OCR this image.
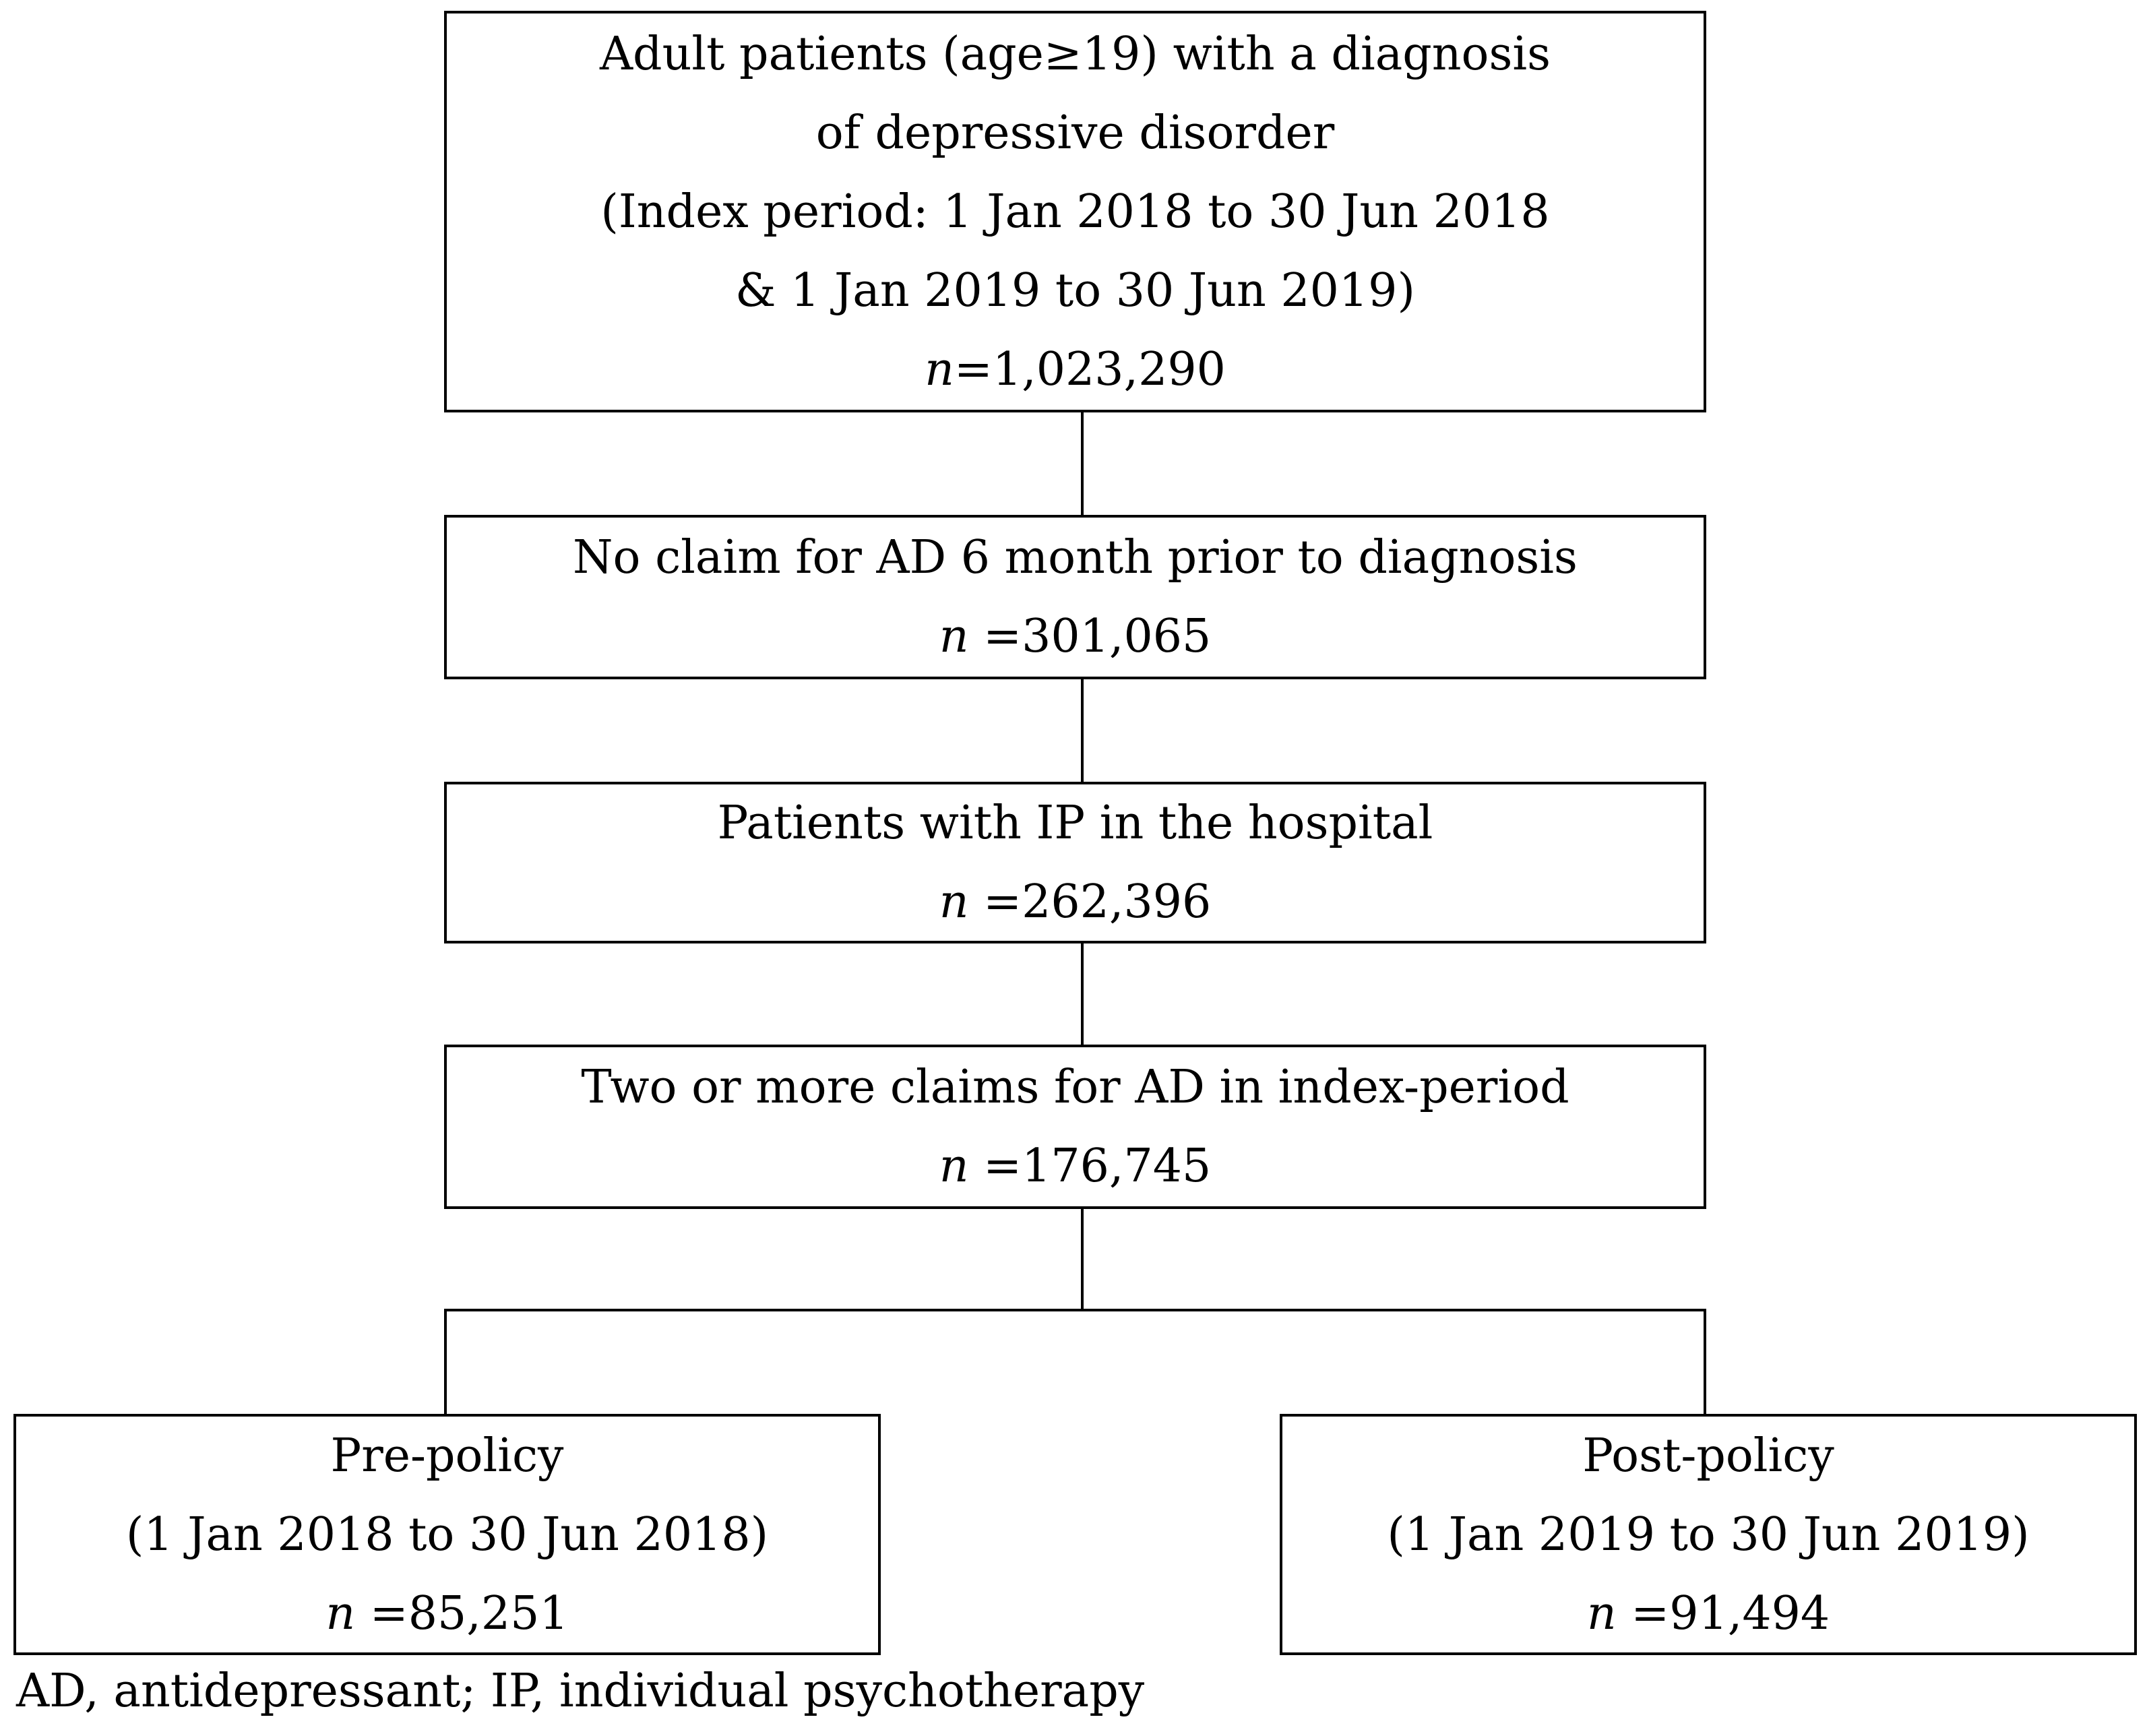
Adult patients (age≥19) with a diagnosis
of depressive disorder
(Index period: 1 Jan 2018 to 30 Jun 2018
& 1 Jan 2019 to 30 Jun 2019)
n=1,023,290
No claim for AD 6 month prior to diagnosis
n =301,065
Patients with IP in the hospital
n =262,396
Two or more claims for AD in index-period
n =176,745
Pre-policy
(1 Jan 2018 to 30 Jun 2018)
n =85,251
Post-policy
(1 Jan 2019 to 30 Jun 2019)
n =91,494
AD, antidepressant; IP, individual psychotherapy
